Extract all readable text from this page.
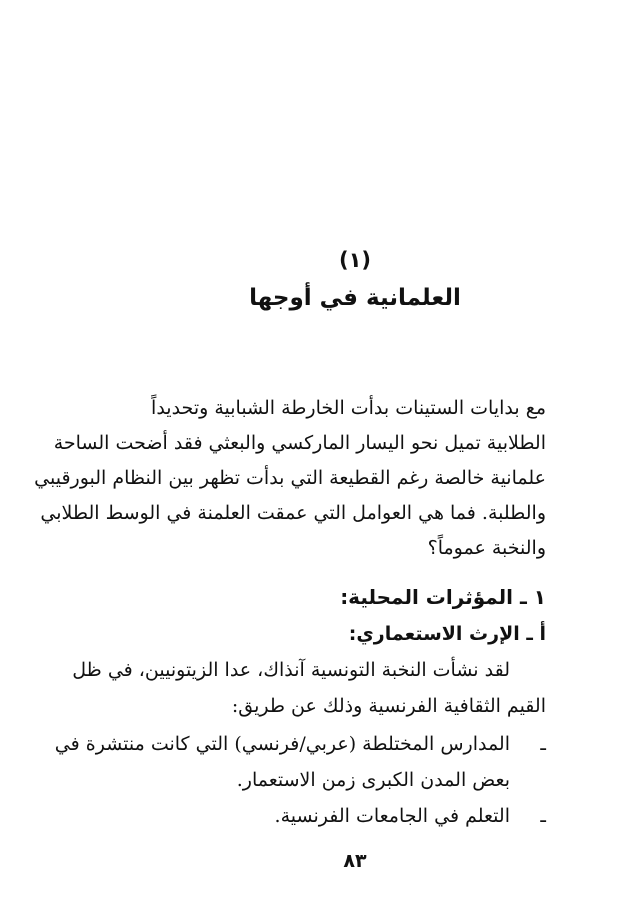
(١)
العلمانية في أوجها
مع بدايات الستينات بدأت الخارطة الشبابية وتحديداً
الطلابية تميل نحو اليسار الماركسي والبعثي فقد أضحت الساحة
علمانية خالصة رغم القطيعة التي بدأت تظهر بين النظام البورقيبي
والطلبة. فما هي العوامل التي عمقت العلمنة في الوسط الطلابي
والنخبة عموماً؟
١ ـ المؤثرات المحلية:
أ ـ الإرث الاستعماري:
لقد نشأت النخبة التونسية آنذاك، عدا الزيتونيين، في ظل
القيم الثقافية الفرنسية وذلك عن طريق:
ـ
المدارس المختلطة (عربي/فرنسي) التي كانت منتشرة في
بعض المدن الكبرى زمن الاستعمار.
ـ
التعلم في الجامعات الفرنسية.
٨٣
